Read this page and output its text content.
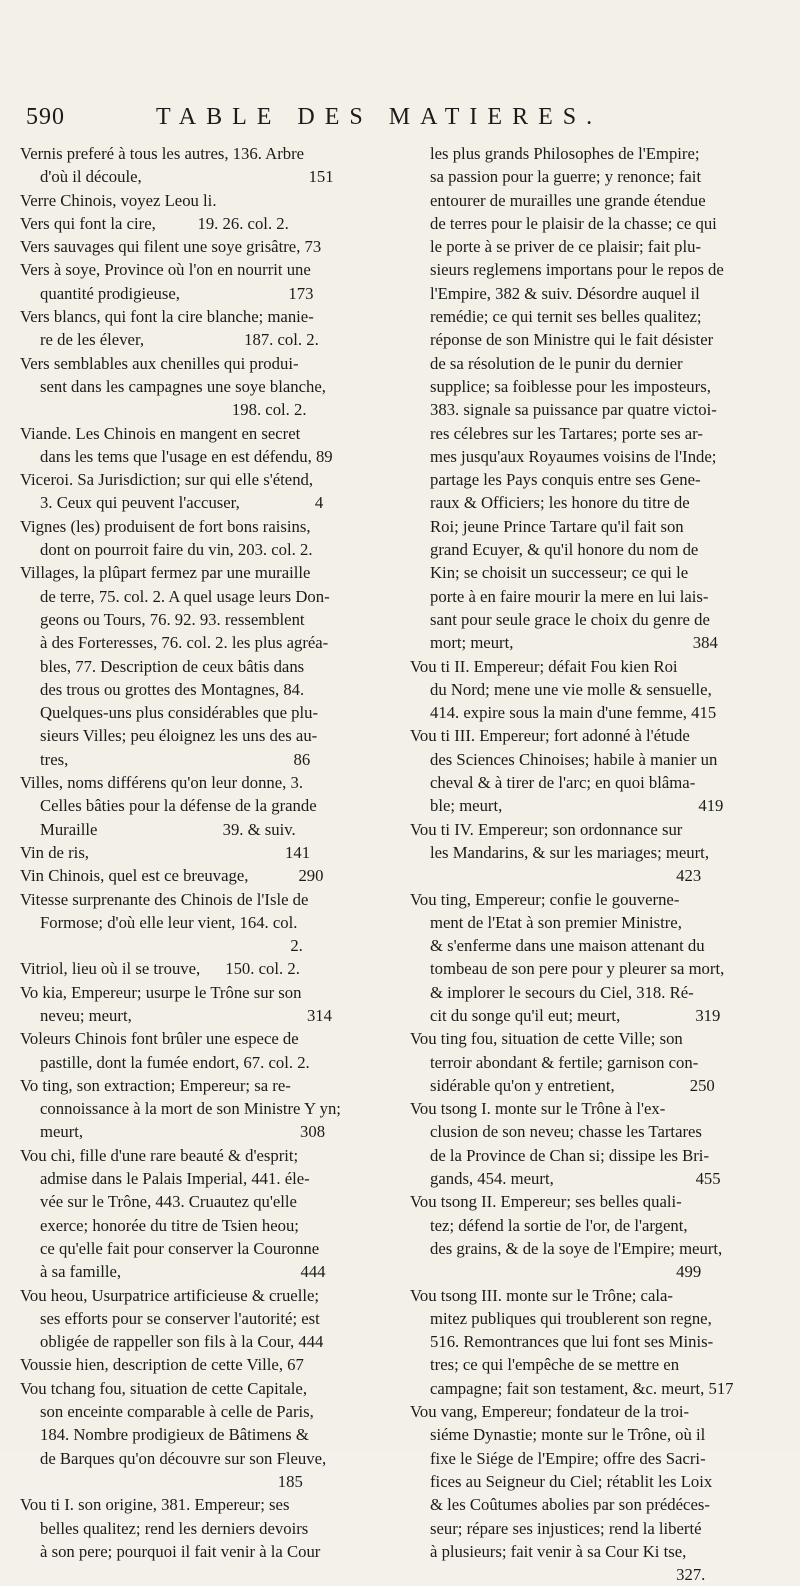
590	TABLE DES MATIERES.
Vernis preferé à tous les autres, 136. Arbre
d'où il découle,                                        151
Verre Chinois, voyez Leou li.
Vers qui font la cire,          19. 26. col. 2.
Vers sauvages qui filent une soye grisâtre, 73
Vers à soye, Province où l'on en nourrit une
quantité prodigieuse,                          173
Vers blancs, qui font la cire blanche; manie-
re de les élever,                        187. col. 2.
Vers semblables aux chenilles qui produi-
sent dans les campagnes une soye blanche,
198. col. 2.
Viande. Les Chinois en mangent en secret
dans les tems que l'usage en est défendu, 89
Viceroi. Sa Jurisdiction; sur qui elle s'étend,
3. Ceux qui peuvent l'accuser,                  4
Vignes (les) produisent de fort bons raisins,
dont on pourroit faire du vin, 203. col. 2.
Villages, la plûpart fermez par une muraille
de terre, 75. col. 2. A quel usage leurs Don-
geons ou Tours, 76. 92. 93. ressemblent
à des Forteresses, 76. col. 2. les plus agréa-
bles, 77. Description de ceux bâtis dans
des trous ou grottes des Montagnes, 84.
Quelques-uns plus considérables que plu-
sieurs Villes; peu éloignez les uns des au-
tres,                                                      86
Villes, noms différens qu'on leur donne, 3.
Celles bâties pour la défense de la grande
Muraille                              39. & suiv.
Vin de ris,                                               141
Vin Chinois, quel est ce breuvage,            290
Vitesse surprenante des Chinois de l'Isle de
Formose; d'où elle leur vient, 164. col.
2.
Vitriol, lieu où il se trouve,      150. col. 2.
Vo kia, Empereur; usurpe le Trône sur son
neveu; meurt,                                          314
Voleurs Chinois font brûler une espece de
pastille, dont la fumée endort, 67. col. 2.
Vo ting, son extraction; Empereur; sa re-
connoissance à la mort de son Ministre Y yn;
meurt,                                                    308
Vou chi, fille d'une rare beauté & d'esprit;
admise dans le Palais Imperial, 441. éle-
vée sur le Trône, 443. Cruautez qu'elle
exerce; honorée du titre de Tsien heou;
ce qu'elle fait pour conserver la Couronne
à sa famille,                                           444
Vou heou, Usurpatrice artificieuse & cruelle;
ses efforts pour se conserver l'autorité; est
obligée de rappeller son fils à la Cour, 444
Voussie hien, description de cette Ville, 67
Vou tchang fou, situation de cette Capitale,
son enceinte comparable à celle de Paris,
184. Nombre prodigieux de Bâtimens &
de Barques qu'on découvre sur son Fleuve,
185
Vou ti I. son origine, 381. Empereur; ses
belles qualitez; rend les derniers devoirs
à son pere; pourquoi il fait venir à la Cour
les plus grands Philosophes de l'Empire;
sa passion pour la guerre; y renonce; fait
entourer de murailles une grande étendue
de terres pour le plaisir de la chasse; ce qui
le porte à se priver de ce plaisir; fait plu-
sieurs reglemens importans pour le repos de
l'Empire, 382 & suiv. Désordre auquel il
remédie; ce qui ternit ses belles qualitez;
réponse de son Ministre qui le fait désister
de sa résolution de le punir du dernier
supplice; sa foiblesse pour les imposteurs,
383. signale sa puissance par quatre victoi-
res célebres sur les Tartares; porte ses ar-
mes jusqu'aux Royaumes voisins de l'Inde;
partage les Pays conquis entre ses Gene-
raux & Officiers; les honore du titre de
Roi; jeune Prince Tartare qu'il fait son
grand Ecuyer, & qu'il honore du nom de
Kin; se choisit un successeur; ce qui le
porte à en faire mourir la mere en lui lais-
sant pour seule grace le choix du genre de
mort; meurt,                                           384
Vou ti II. Empereur; défait Fou kien Roi
du Nord; mene une vie molle & sensuelle,
414. expire sous la main d'une femme, 415
Vou ti III. Empereur; fort adonné à l'étude
des Sciences Chinoises; habile à manier un
cheval & à tirer de l'arc; en quoi blâma-
ble; meurt,                                               419
Vou ti IV. Empereur; son ordonnance sur
les Mandarins, & sur les mariages; meurt,
423
Vou ting, Empereur; confie le gouverne-
ment de l'Etat à son premier Ministre,
& s'enferme dans une maison attenant du
tombeau de son pere pour y pleurer sa mort,
& implorer le secours du Ciel, 318. Ré-
cit du songe qu'il eut; meurt,                  319
Vou ting fou, situation de cette Ville; son
terroir abondant & fertile; garnison con-
sidérable qu'on y entretient,                  250
Vou tsong I. monte sur le Trône à l'ex-
clusion de son neveu; chasse les Tartares
de la Province de Chan si; dissipe les Bri-
gands, 454. meurt,                                  455
Vou tsong II. Empereur; ses belles quali-
tez; défend la sortie de l'or, de l'argent,
des grains, & de la soye de l'Empire; meurt,
499
Vou tsong III. monte sur le Trône; cala-
mitez publiques qui troublerent son regne,
516. Remontrances que lui font ses Minis-
tres; ce qui l'empêche de se mettre en
campagne; fait son testament, &c. meurt, 517
Vou vang, Empereur; fondateur de la troi-
siéme Dynastie; monte sur le Trône, où il
fixe le Siége de l'Empire; offre des Sacri-
fices au Seigneur du Ciel; rétablit les Loix
& les Coûtumes abolies par son prédéces-
seur; répare ses injustices; rend la liberté
à plusieurs; fait venir à sa Cour Ki tse,
327.
